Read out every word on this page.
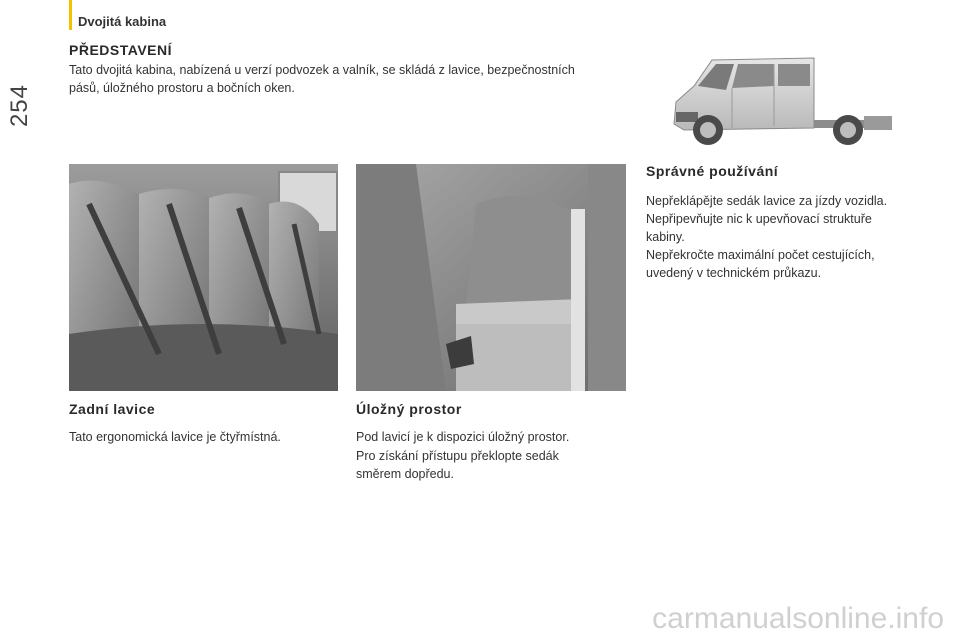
Dvojitá kabina
254
PŘEDSTAVENÍ
Tato dvojitá kabina, nabízená u verzí podvozek a valník, se skládá z lavice, bezpečnostních
pásů, úložného prostoru a bočních oken.
Zadní lavice
Tato ergonomická lavice je čtyřmístná.
Úložný prostor
Pod lavicí je k dispozici úložný prostor.
Pro získání přístupu překlopte sedák
směrem dopředu.
Správné používání
Nepřeklápějte sedák lavice za jízdy vozidla.
Nepřipevňujte nic k upevňovací struktuře
kabiny.
Nepřekročte maximální počet cestujících,
uvedený v technickém průkazu.
carmanualsonline.info
